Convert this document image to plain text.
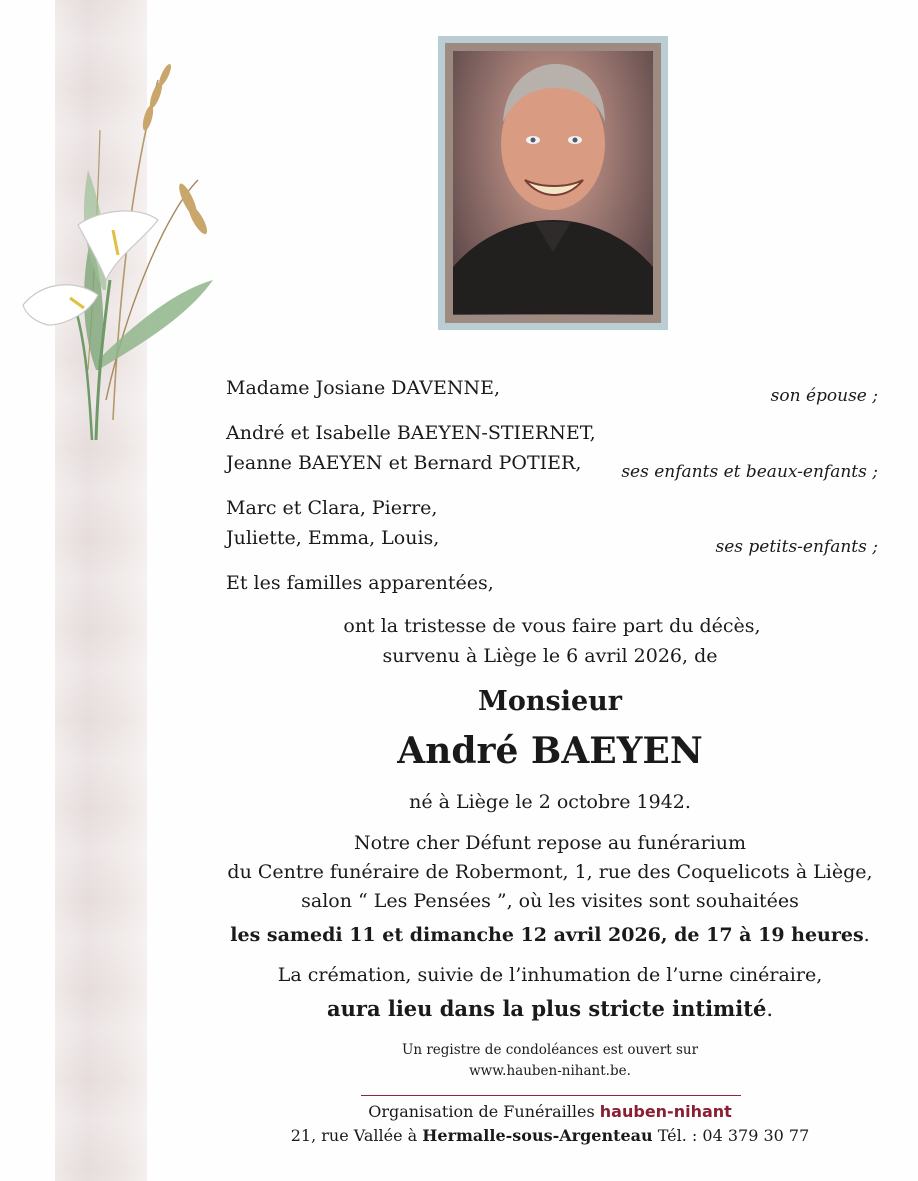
Madame Josiane DAVENNE,	son épouse ;
André et Isabelle BAEYEN-STIERNET,
Jeanne BAEYEN et Bernard POTIER, ses enfants et beaux-enfants ;
Marc et Clara, Pierre,
Juliette, Emma, Louis,	ses petits-enfants ;
Et les familles apparentées,
ont la tristesse de vous faire part du décès,
survenu à Liège le 6 avril 2026, de
Monsieur
André BAEYEN
né à Liège le 2 octobre 1942.
Notre cher Défunt repose au funérarium
du Centre funéraire de Robermont, 1, rue des Coquelicots à Liège,
salon “ Les Pensées ”, où les visites sont souhaitées
les samedi 11 et dimanche 12 avril 2026, de 17 à 19 heures.
La crémation, suivie de l’inhumation de l’urne cinéraire,
aura lieu dans la plus stricte intimité.
Un registre de condoléances est ouvert sur
www.hauben-nihant.be.
Organisation de Funérailles hauben-nihant
21, rue Vallée à Hermalle-sous-Argenteau Tél. : 04 379 30 77
